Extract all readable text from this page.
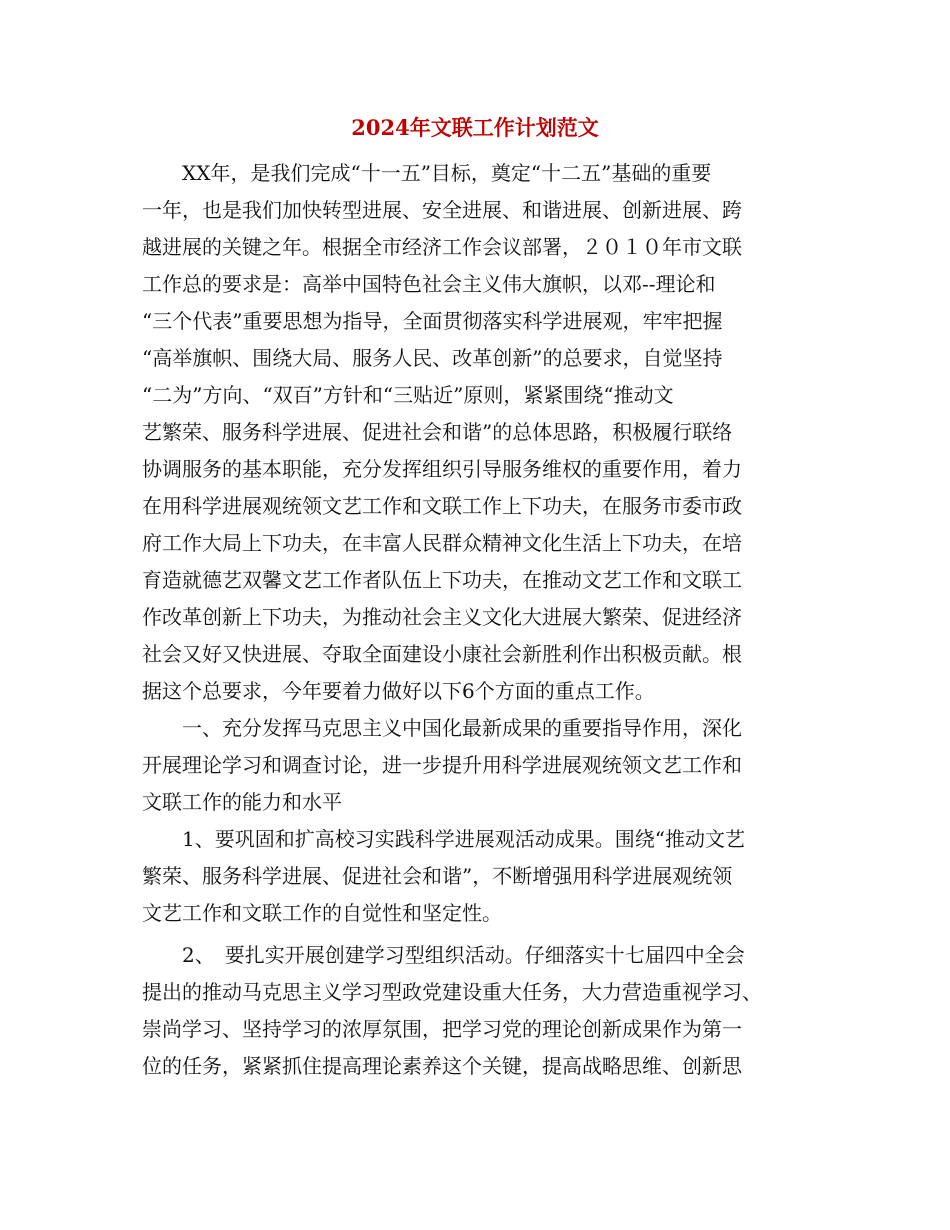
2024年文联工作计划范文
XX年，是我们完成“十一五”目标，奠定“十二五”基础的重要
一年，也是我们加快转型进展、安全进展、和谐进展、创新进展、跨
越进展的关键之年。根据全市经济工作会议部署，２０１０年市文联
工作总的要求是：高举中国特色社会主义伟大旗帜，以邓--理论和
“三个代表”重要思想为指导，全面贯彻落实科学进展观，牢牢把握
“高举旗帜、围绕大局、服务人民、改革创新”的总要求，自觉坚持
“二为”方向、“双百”方针和“三贴近”原则，紧紧围绕“推动文
艺繁荣、服务科学进展、促进社会和谐”的总体思路，积极履行联络
协调服务的基本职能，充分发挥组织引导服务维权的重要作用，着力
在用科学进展观统领文艺工作和文联工作上下功夫，在服务市委市政
府工作大局上下功夫，在丰富人民群众精神文化生活上下功夫，在培
育造就德艺双馨文艺工作者队伍上下功夫，在推动文艺工作和文联工
作改革创新上下功夫，为推动社会主义文化大进展大繁荣、促进经济
社会又好又快进展、夺取全面建设小康社会新胜利作出积极贡献。根
据这个总要求，今年要着力做好以下6个方面的重点工作。
一、充分发挥马克思主义中国化最新成果的重要指导作用，深化
开展理论学习和调查讨论，进一步提升用科学进展观统领文艺工作和
文联工作的能力和水平
1、要巩固和扩高校习实践科学进展观活动成果。围绕“推动文艺
繁荣、服务科学进展、促进社会和谐”，不断增强用科学进展观统领
文艺工作和文联工作的自觉性和坚定性。
2、　要扎实开展创建学习型组织活动。仔细落实十七届四中全会
提出的推动马克思主义学习型政党建设重大任务，大力营造重视学习、
崇尚学习、坚持学习的浓厚氛围，把学习党的理论创新成果作为第一
位的任务，紧紧抓住提高理论素养这个关键，提高战略思维、创新思
